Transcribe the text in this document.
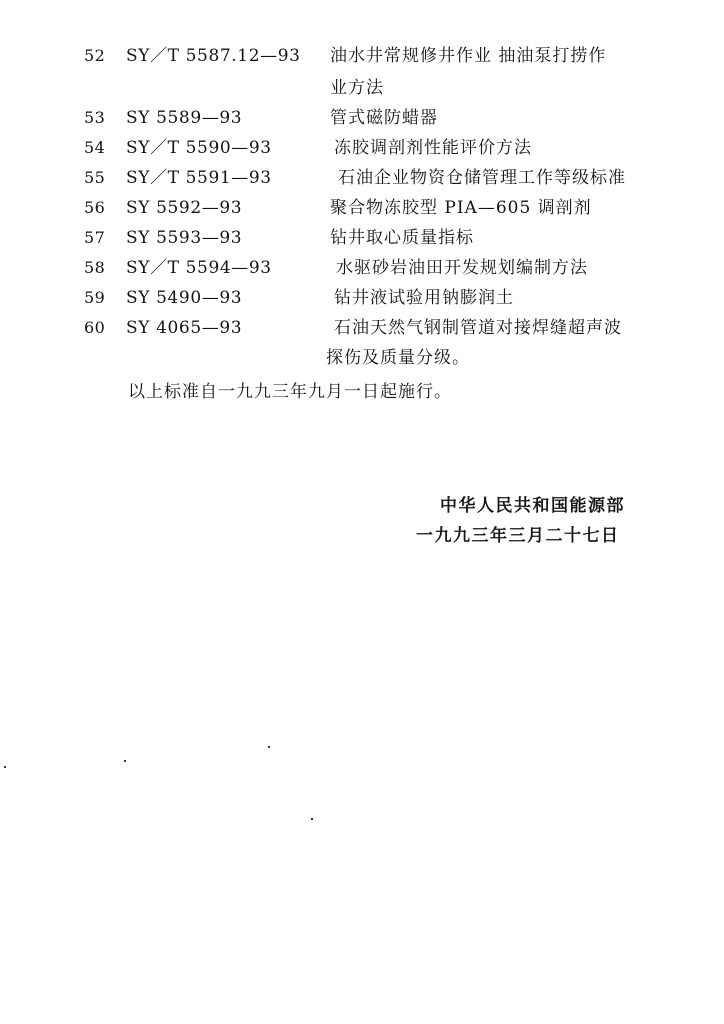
52 SY／T 5587.12—93 油水井常规修井作业 抽油泵打捞作
业方法
53 SY 5589—93	管式磁防蜡器
54 SY／T 5590—93	冻胶调剖剂性能评价方法
55 SY／T 5591—93	石油企业物资仓储管理工作等级标准
56 SY 5592—93	聚合物冻胶型 PIA—605 调剖剂
57 SY 5593—93	钻井取心质量指标
58 SY／T 5594—93	水驱砂岩油田开发规划编制方法
59 SY 5490—93	钻井液试验用钠膨润土
60 SY 4065—93	石油天然气钢制管道对接焊缝超声波
探伤及质量分级。
以上标准自一九九三年九月一日起施行。
中华人民共和国能源部
一九九三年三月二十七日
